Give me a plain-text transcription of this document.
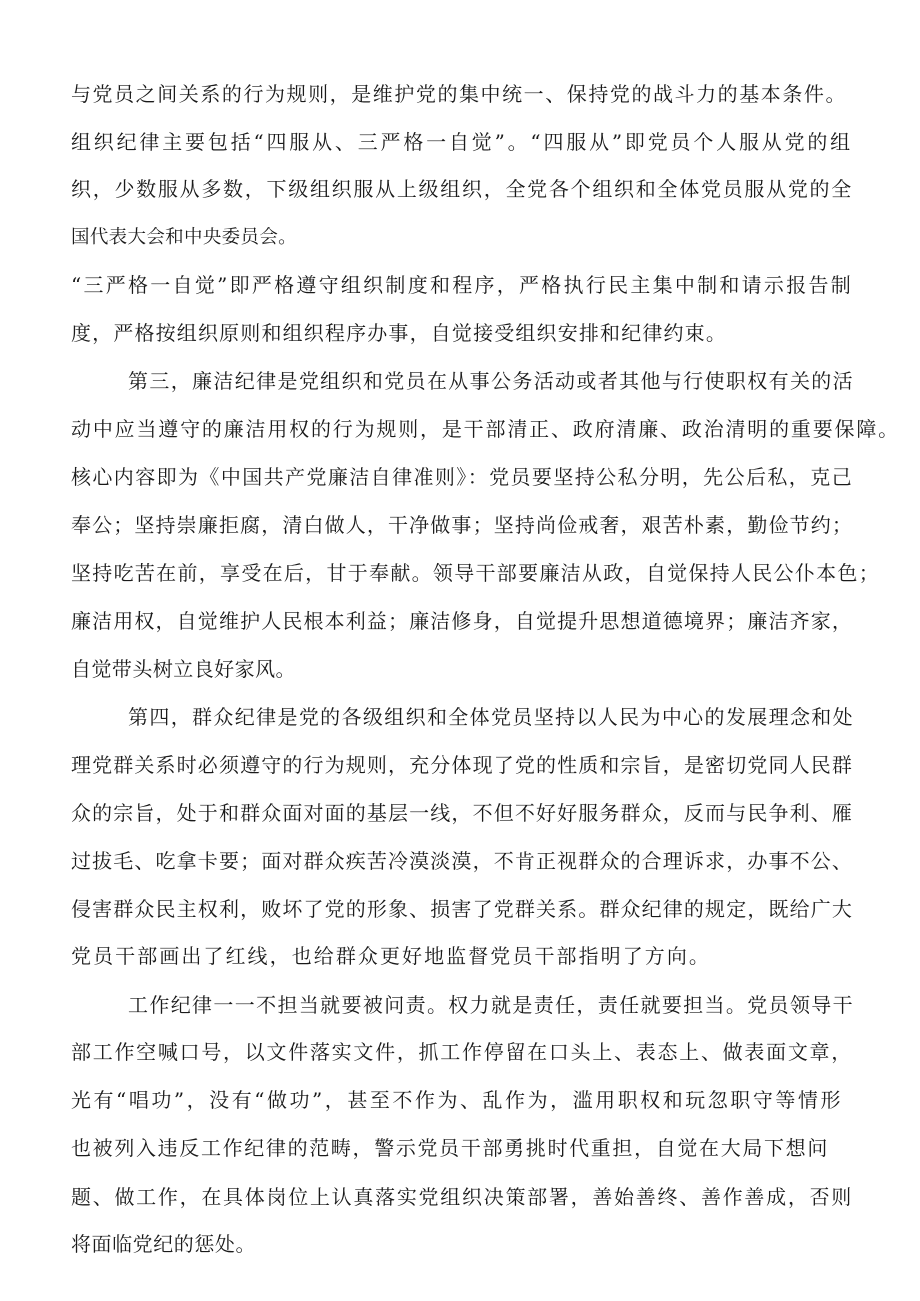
与党员之间关系的行为规则，是维护党的集中统一、保持党的战斗力的基本条件。
组织纪律主要包括“四服从、三严格一自觉”。“四服从”即党员个人服从党的组
织，少数服从多数，下级组织服从上级组织，全党各个组织和全体党员服从党的全
国代表大会和中央委员会。
“三严格一自觉”即严格遵守组织制度和程序，严格执行民主集中制和请示报告制
度，严格按组织原则和组织程序办事，自觉接受组织安排和纪律约束。
第三，廉洁纪律是党组织和党员在从事公务活动或者其他与行使职权有关的活
动中应当遵守的廉洁用权的行为规则，是干部清正、政府清廉、政治清明的重要保障。
核心内容即为《中国共产党廉洁自律准则》：党员要坚持公私分明，先公后私，克己
奉公；坚持崇廉拒腐，清白做人，干净做事；坚持尚俭戒奢，艰苦朴素，勤俭节约；
坚持吃苦在前，享受在后，甘于奉献。领导干部要廉洁从政，自觉保持人民公仆本色；
廉洁用权，自觉维护人民根本利益；廉洁修身，自觉提升思想道德境界；廉洁齐家，
自觉带头树立良好家风。
第四，群众纪律是党的各级组织和全体党员坚持以人民为中心的发展理念和处
理党群关系时必须遵守的行为规则，充分体现了党的性质和宗旨，是密切党同人民群
众的宗旨，处于和群众面对面的基层一线，不但不好好服务群众，反而与民争利、雁
过拔毛、吃拿卡要；面对群众疾苦冷漠淡漠，不肯正视群众的合理诉求，办事不公、
侵害群众民主权利，败坏了党的形象、损害了党群关系。群众纪律的规定，既给广大
党员干部画出了红线，也给群众更好地监督党员干部指明了方向。
工作纪律一一不担当就要被问责。权力就是责任，责任就要担当。党员领导干
部工作空喊口号，以文件落实文件，抓工作停留在口头上、表态上、做表面文章，
光有“唱功”，没有“做功”，甚至不作为、乱作为，滥用职权和玩忽职守等情形
也被列入违反工作纪律的范畴，警示党员干部勇挑时代重担，自觉在大局下想问
题、做工作，在具体岗位上认真落实党组织决策部署，善始善终、善作善成，否则
将面临党纪的惩处。
